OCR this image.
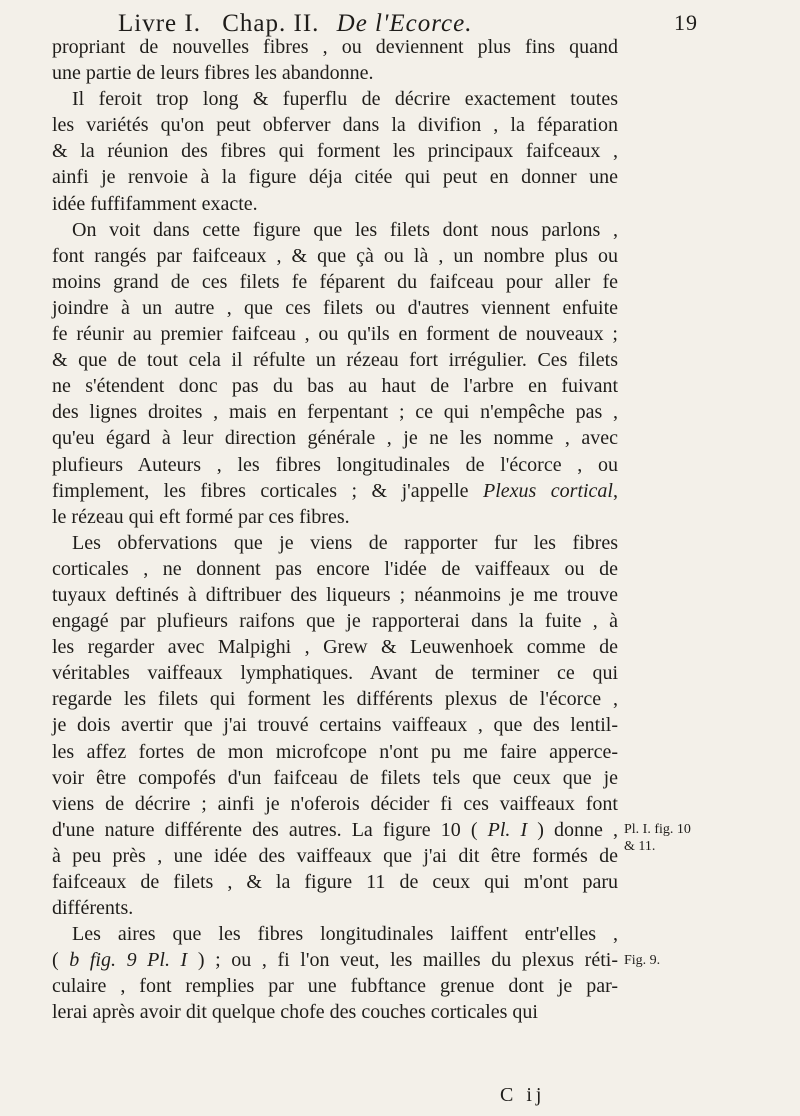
Livre I. Chap. II. De l'Ecorce.	19
propriant de nouvelles fibres , ou deviennent plus fins quand
une partie de leurs fibres les abandonne.
Il feroit trop long & fuperflu de décrire exactement toutes
les variétés qu'on peut obferver dans la divifion , la féparation
& la réunion des fibres qui forment les principaux faifceaux ,
ainfi je renvoie à la figure déja citée qui peut en donner une
idée fuffifamment exacte.
On voit dans cette figure que les filets dont nous parlons ,
font rangés par faifceaux , & que çà ou là , un nombre plus ou
moins grand de ces filets fe féparent du faifceau pour aller fe
joindre à un autre , que ces filets ou d'autres viennent enfuite
fe réunir au premier faifceau , ou qu'ils en forment de nouveaux ;
& que de tout cela il réfulte un rézeau fort irrégulier. Ces filets
ne s'étendent donc pas du bas au haut de l'arbre en fuivant
des lignes droites , mais en ferpentant ; ce qui n'empêche pas ,
qu'eu égard à leur direction générale , je ne les nomme , avec
plufieurs Auteurs , les fibres longitudinales de l'écorce , ou
fimplement, les fibres corticales ; & j'appelle Plexus cortical,
le rézeau qui eft formé par ces fibres.
Les obfervations que je viens de rapporter fur les fibres
corticales , ne donnent pas encore l'idée de vaiffeaux ou de
tuyaux deftinés à diftribuer des liqueurs ; néanmoins je me trouve
engagé par plufieurs raifons que je rapporterai dans la fuite , à
les regarder avec Malpighi , Grew & Leuwenhoek comme de
véritables vaiffeaux lymphatiques. Avant de terminer ce qui
regarde les filets qui forment les différents plexus de l'écorce ,
je dois avertir que j'ai trouvé certains vaiffeaux , que des lentil-
les affez fortes de mon microfcope n'ont pu me faire apperce-
voir être compofés d'un faifceau de filets tels que ceux que je
viens de décrire ; ainfi je n'oferois décider fi ces vaiffeaux font
d'une nature différente des autres. La figure 10 ( Pl. I ) donne ,
à peu près , une idée des vaiffeaux que j'ai dit être formés de
faifceaux de filets , & la figure 11 de ceux qui m'ont paru
différents.
Les aires que les fibres longitudinales laiffent entr'elles ,
( b fig. 9 Pl. I ) ; ou , fi l'on veut, les mailles du plexus réti-
culaire , font remplies par une fubftance grenue dont je par-
lerai après avoir dit quelque chofe des couches corticales qui
Pl. I. fig. 10
& 11.
Fig. 9.
C ij
